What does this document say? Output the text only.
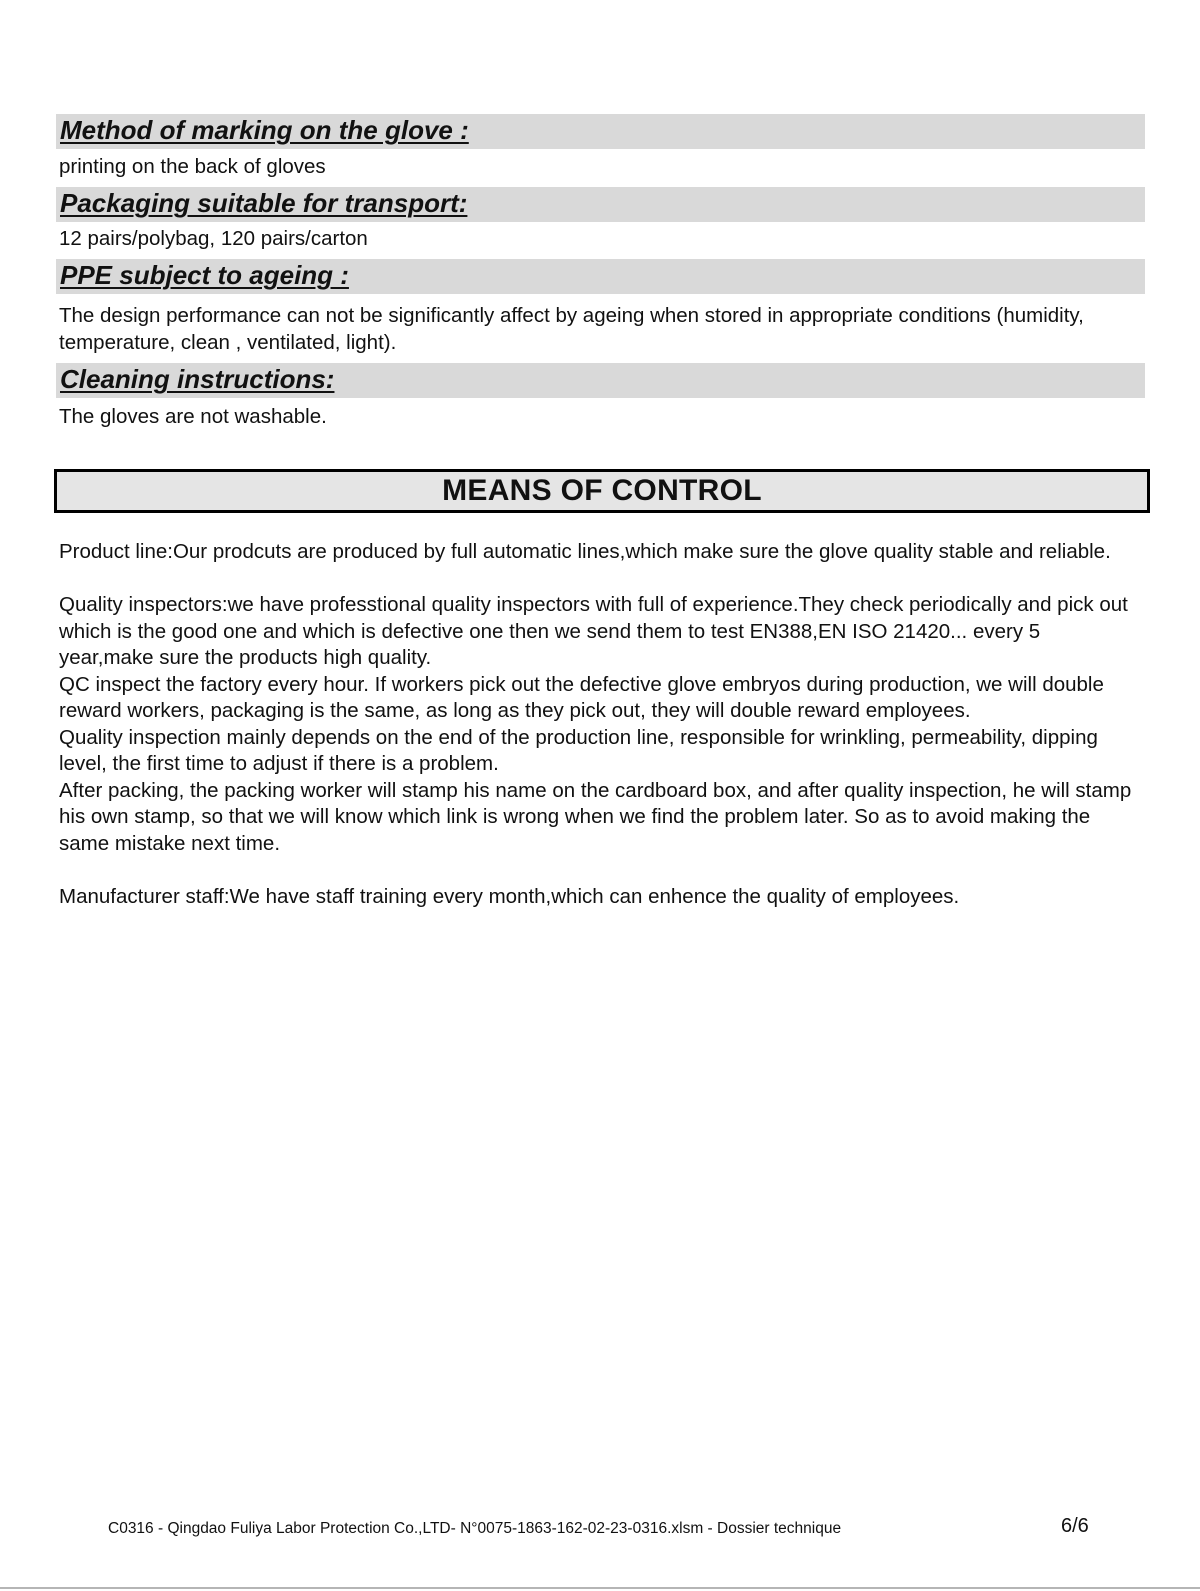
Method of marking on the glove :

printing on the back of gloves

Packaging suitable for transport:

12 pairs/polybag, 120 pairs/carton

PPE subject to ageing :

The design performance can not be significantly affect by ageing when stored in appropriate conditions (humidity, temperature, clean , ventilated, light).

Cleaning instructions:

The gloves are not washable.

MEANS OF CONTROL

Product line:Our prodcuts are produced by full automatic lines,which make sure the glove quality stable and reliable.

Quality inspectors:we have professtional quality inspectors with full of experience.They check periodically and pick out which is the good one and which is defective one then we send them to test EN388,EN ISO 21420... every 5 year,make sure the products high quality.

QC inspect the factory every hour. If workers pick out the defective glove embryos during production, we will double reward workers, packaging is the same, as long as they pick out, they will double reward employees.

Quality inspection mainly depends on the end of the production line, responsible for wrinkling, permeability, dipping level, the first time to adjust if there is a problem.

After packing, the packing worker will stamp his name on the cardboard box, and after quality inspection, he will stamp his own stamp, so that we will know which link is wrong when we find the problem later. So as to avoid making the same mistake next time.

Manufacturer staff:We have staff training every month,which can enhence the quality of employees.

C0316 - Qingdao Fuliya Labor Protection Co.,LTD- N°0075-1863-162-02-23-0316.xlsm - Dossier technique	6/6
